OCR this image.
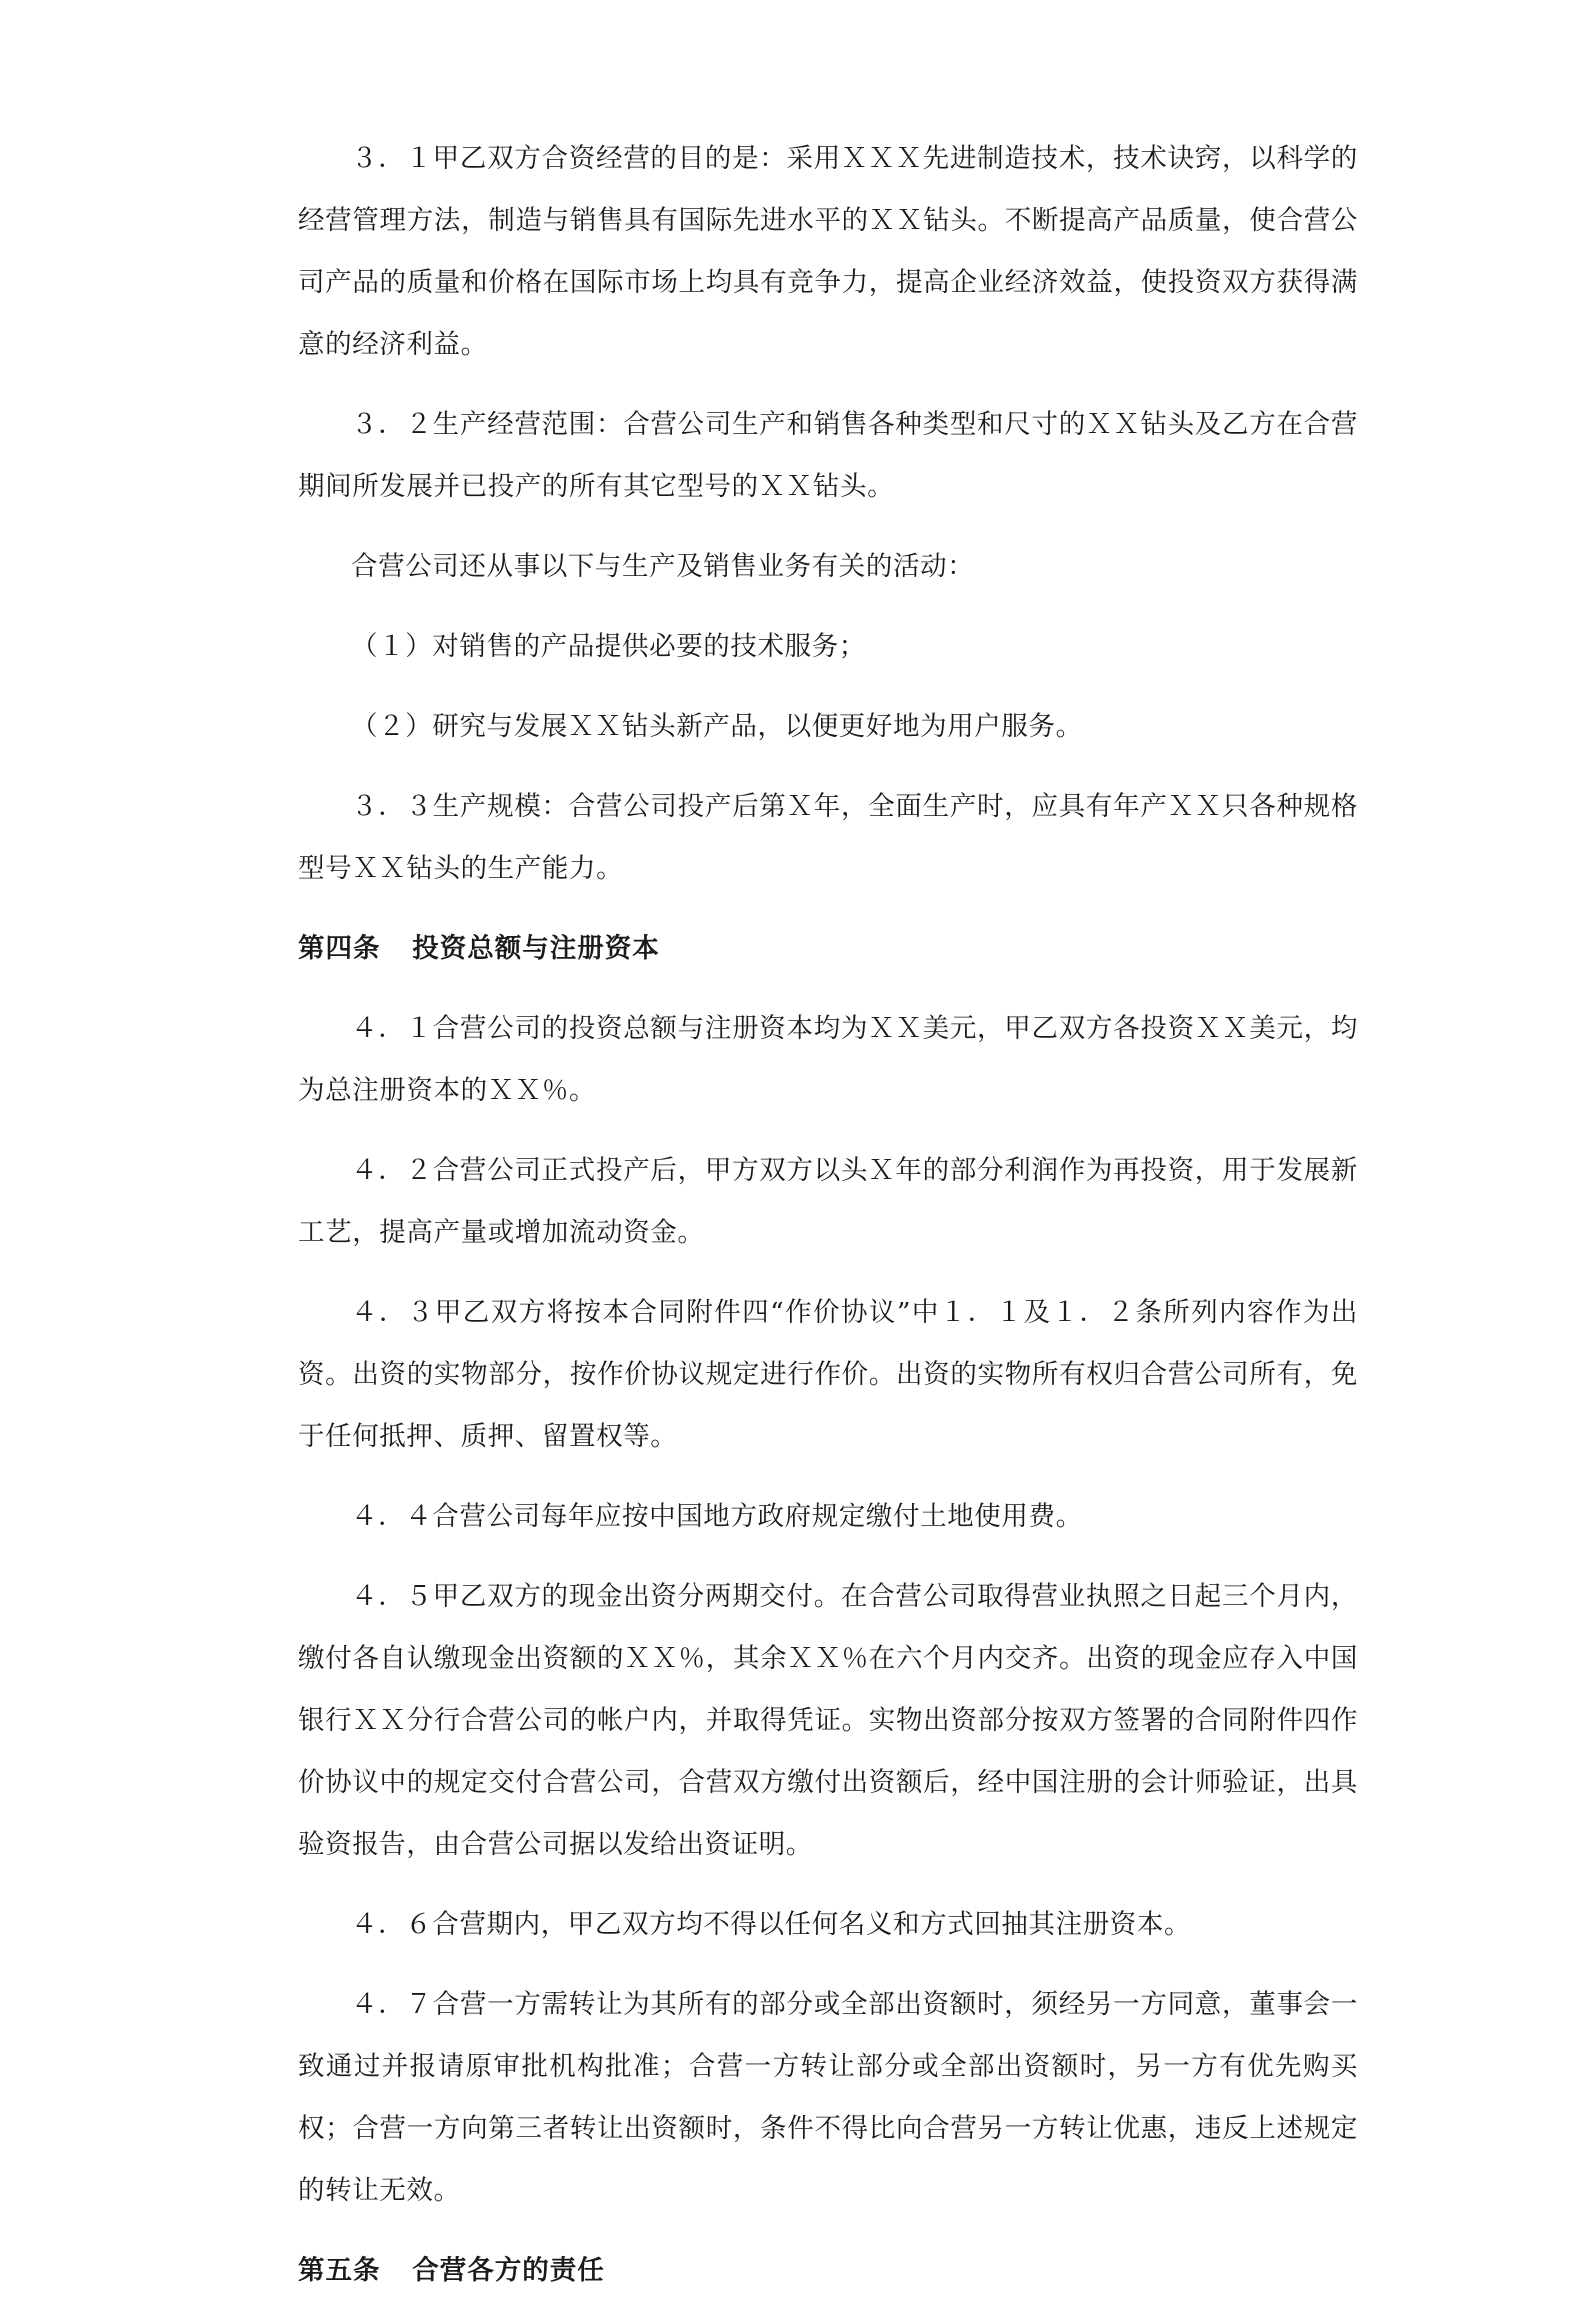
３．１甲乙双方合资经营的目的是：采用ＸＸＸ先进制造技术，技术诀窍，以科学的经营管理方法，制造与销售具有国际先进水平的ＸＸ钻头。不断提高产品质量，使合营公司产品的质量和价格在国际市场上均具有竞争力，提高企业经济效益，使投资双方获得满意的经济利益。

３．２生产经营范围：合营公司生产和销售各种类型和尺寸的ＸＸ钻头及乙方在合营期间所发展并已投产的所有其它型号的ＸＸ钻头。

合营公司还从事以下与生产及销售业务有关的活动：

（１）对销售的产品提供必要的技术服务；

（２）研究与发展ＸＸ钻头新产品，以便更好地为用户服务。

３．３生产规模：合营公司投产后第Ｘ年，全面生产时，应具有年产ＸＸ只各种规格型号ＸＸ钻头的生产能力。

第四条 投资总额与注册资本

４．１合营公司的投资总额与注册资本均为ＸＸ美元，甲乙双方各投资ＸＸ美元，均为总注册资本的ＸＸ％。

４．２合营公司正式投产后，甲方双方以头Ｘ年的部分利润作为再投资，用于发展新工艺，提高产量或增加流动资金。

４．３甲乙双方将按本合同附件四“作价协议”中１．１及１．２条所列内容作为出资。出资的实物部分，按作价协议规定进行作价。出资的实物所有权归合营公司所有，免于任何抵押、质押、留置权等。

４．４合营公司每年应按中国地方政府规定缴付土地使用费。

４．５甲乙双方的现金出资分两期交付。在合营公司取得营业执照之日起三个月内，缴付各自认缴现金出资额的ＸＸ％，其余ＸＸ％在六个月内交齐。出资的现金应存入中国银行ＸＸ分行合营公司的帐户内，并取得凭证。实物出资部分按双方签署的合同附件四作价协议中的规定交付合营公司，合营双方缴付出资额后，经中国注册的会计师验证，出具验资报告，由合营公司据以发给出资证明。

４．６合营期内，甲乙双方均不得以任何名义和方式回抽其注册资本。

４．７合营一方需转让为其所有的部分或全部出资额时，须经另一方同意，董事会一致通过并报请原审批机构批准；合营一方转让部分或全部出资额时，另一方有优先购买权；合营一方向第三者转让出资额时，条件不得比向合营另一方转让优惠，违反上述规定的转让无效。

第五条 合营各方的责任
